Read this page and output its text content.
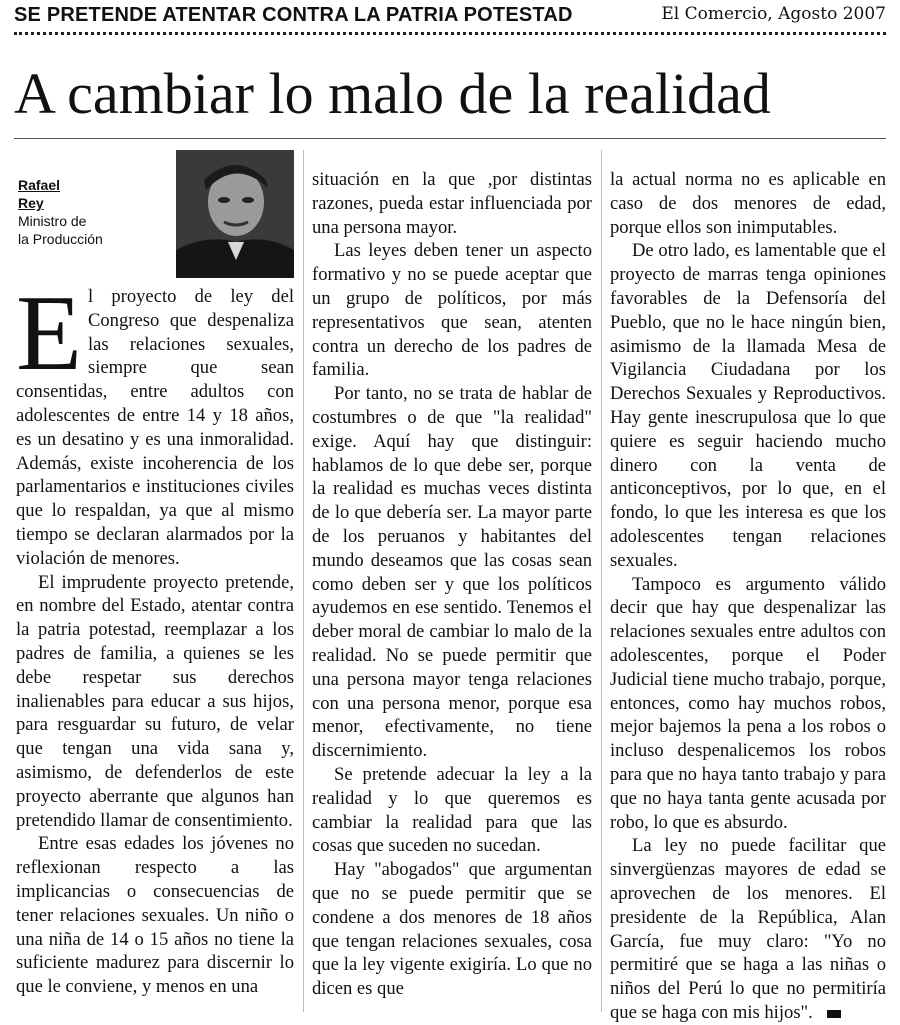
SE PRETENDE ATENTAR CONTRA LA PATRIA POTESTAD	El Comercio, Agosto 2007
A cambiar lo malo de la realidad
Rafael
Rey
Ministro de
la Producción
E l proyecto de ley del Congreso que despenaliza las relaciones sexuales, siempre que sean consentidas, entre adultos con adolescentes de entre 14 y 18 años, es un desatino y es una inmoralidad. Además, existe incoherencia de los parlamentarios e instituciones civiles que lo respaldan, ya que al mismo tiempo se declaran alarmados por la violación de menores.

El imprudente proyecto pretende, en nombre del Estado, atentar contra la patria potestad, reemplazar a los padres de familia, a quienes se les debe respetar sus derechos inalienables para educar a sus hijos, para resguardar su futuro, de velar que tengan una vida sana y, asimismo, de defenderlos de este proyecto aberrante que algunos han pretendido llamar de consentimiento.

Entre esas edades los jóvenes no reflexionan respecto a las implicancias o consecuencias de tener relaciones sexuales. Un niño o una niña de 14 o 15 años no tiene la suficiente madurez para discernir lo que le conviene, y menos en una

situación en la que ,por distintas razones, pueda estar influenciada por una persona mayor.

Las leyes deben tener un aspecto formativo y no se puede aceptar que un grupo de políticos, por más representativos que sean, atenten contra un derecho de los padres de familia.

Por tanto, no se trata de hablar de costumbres o de que "la realidad" exige. Aquí hay que distinguir: hablamos de lo que debe ser, porque la realidad es muchas veces distinta de lo que debería ser. La mayor parte de los peruanos y habitantes del mundo deseamos que las cosas sean como deben ser y que los políticos ayudemos en ese sentido. Tenemos el deber moral de cambiar lo malo de la realidad. No se puede permitir que una persona mayor tenga relaciones con una persona menor, porque esa menor, efectivamente, no tiene discernimiento.

Se pretende adecuar la ley a la realidad y lo que queremos es cambiar la realidad para que las cosas que suceden no sucedan.

Hay "abogados" que argumentan que no se puede permitir que se condene a dos menores de 18 años que tengan relaciones sexuales, cosa que la ley vigente exigiría. Lo que no dicen es que

la actual norma no es aplicable en caso de dos menores de edad, porque ellos son inimputables.

De otro lado, es lamentable que el proyecto de marras tenga opiniones favorables de la Defensoría del Pueblo, que no le hace ningún bien, asimismo de la llamada Mesa de Vigilancia Ciudadana por los Derechos Sexuales y Reproductivos. Hay gente inescrupulosa que lo que quiere es seguir haciendo mucho dinero con la venta de anticonceptivos, por lo que, en el fondo, lo que les interesa es que los adolescentes tengan relaciones sexuales.

Tampoco es argumento válido decir que hay que despenalizar las relaciones sexuales entre adultos con adolescentes, porque el Poder Judicial tiene mucho trabajo, porque, entonces, como hay muchos robos, mejor bajemos la pena a los robos o incluso despenalicemos los robos para que no haya tanto trabajo y para que no haya tanta gente acusada por robo, lo que es absurdo.

La ley no puede facilitar que sinvergüenzas mayores de edad se aprovechen de los menores. El presidente de la República, Alan García, fue muy claro: "Yo no permitiré que se haga a las niñas o niños del Perú lo que no permitiría que se haga con mis hijos".
